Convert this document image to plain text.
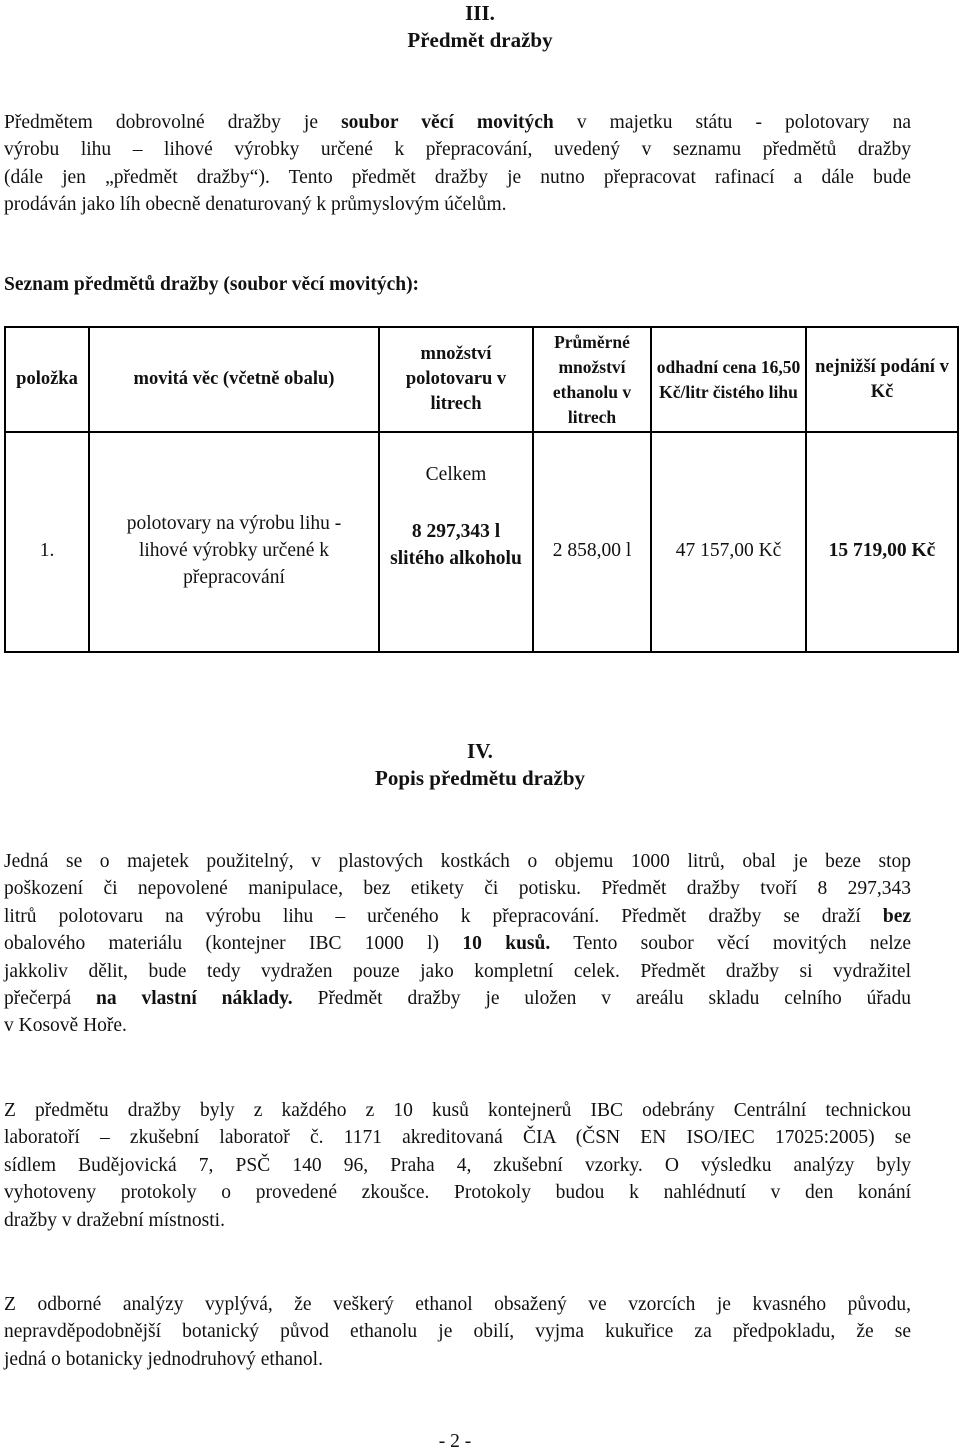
III.
Předmět dražby
Předmětem dobrovolné dražby je soubor věcí movitých v majetku státu - polotovary na
výrobu lihu – lihové výrobky určené k přepracování, uvedený v seznamu předmětů dražby
(dále jen „předmět dražby“). Tento předmět dražby je nutno přepracovat rafinací a dále bude
prodáván jako líh obecně denaturovaný k průmyslovým účelům.
Seznam předmětů dražby (soubor věcí movitých):
položka	movitá věc (včetně obalu)	množství polotovaru v litrech	Průměrné množství ethanolu v litrech	odhadní cena 16,50 Kč/litr čistého lihu	nejnižší podání v Kč
1.	polotovary na výrobu lihu - lihové výrobky určené k přepracování	Celkem
8 297,343 l slitého alkoholu	2 858,00 l	47 157,00 Kč	15 719,00 Kč
IV.
Popis předmětu dražby
Jedná se o majetek použitelný, v plastových kostkách o objemu 1000 litrů, obal je beze stop
poškození či nepovolené manipulace, bez etikety či potisku. Předmět dražby tvoří 8 297,343
litrů polotovaru na výrobu lihu – určeného k přepracování. Předmět dražby se draží bez
obalového materiálu (kontejner IBC 1000 l) 10 kusů. Tento soubor věcí movitých nelze
jakkoliv dělit, bude tedy vydražen pouze jako kompletní celek. Předmět dražby si vydražitel
přečerpá na vlastní náklady. Předmět dražby je uložen v areálu skladu celního úřadu
v Kosově Hoře.
Z předmětu dražby byly z každého z 10 kusů kontejnerů IBC odebrány Centrální technickou
laboratoří – zkušební laboratoř č. 1171 akreditovaná ČIA (ČSN EN ISO/IEC 17025:2005) se
sídlem Budějovická 7, PSČ 140 96, Praha 4, zkušební vzorky. O výsledku analýzy byly
vyhotoveny protokoly o provedené zkoušce. Protokoly budou k nahlédnutí v den konání
dražby v dražební místnosti.
Z odborné analýzy vyplývá, že veškerý ethanol obsažený ve vzorcích je kvasného původu,
nepravděpodobnější botanický původ ethanolu je obilí, vyjma kukuřice za předpokladu, že se
jedná o botanicky jednodruhový ethanol.
- 2 -
